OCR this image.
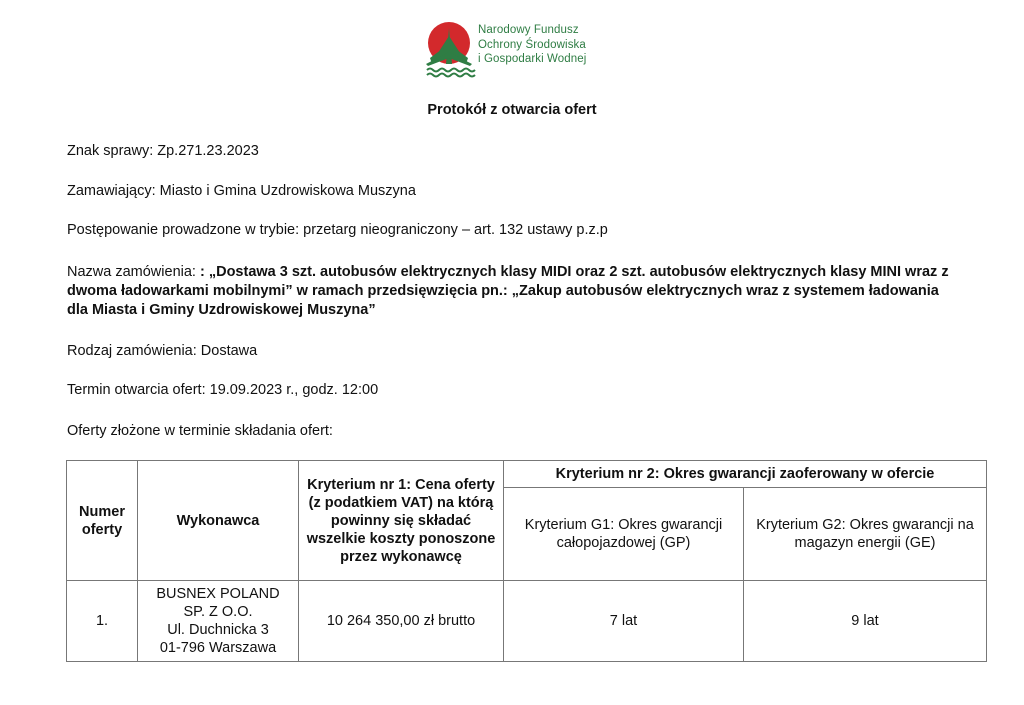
Narodowy Fundusz
Ochrony Środowiska
i Gospodarki Wodnej
Protokół z otwarcia ofert
Znak sprawy: Zp.271.23.2023
Zamawiający: Miasto i Gmina Uzdrowiskowa Muszyna
Postępowanie prowadzone w trybie: przetarg nieograniczony – art. 132 ustawy p.z.p
Nazwa zamówienia: : „Dostawa 3 szt. autobusów elektrycznych klasy MIDI oraz 2 szt. autobusów elektrycznych klasy MINI wraz z dwoma ładowarkami mobilnymi” w ramach przedsięwzięcia pn.: „Zakup autobusów elektrycznych wraz z systemem ładowania dla Miasta i Gminy Uzdrowiskowej Muszyna”
Rodzaj zamówienia: Dostawa
Termin otwarcia ofert: 19.09.2023 r., godz. 12:00
Oferty złożone w terminie składania ofert:
Numer oferty	Wykonawca	Kryterium nr 1: Cena oferty (z podatkiem VAT) na którą powinny się składać wszelkie koszty ponoszone przez wykonawcę	Kryterium nr 2: Okres gwarancji zaoferowany w ofercie	
			Kryterium G1: Okres gwarancji całopojazdowej (GP)	Kryterium G2: Okres gwarancji na magazyn energii (GE)
1.	BUSNEX POLAND
SP. Z O.O.
Ul. Duchnicka 3
01-796 Warszawa	10 264 350,00 zł brutto	7 lat	9 lat
